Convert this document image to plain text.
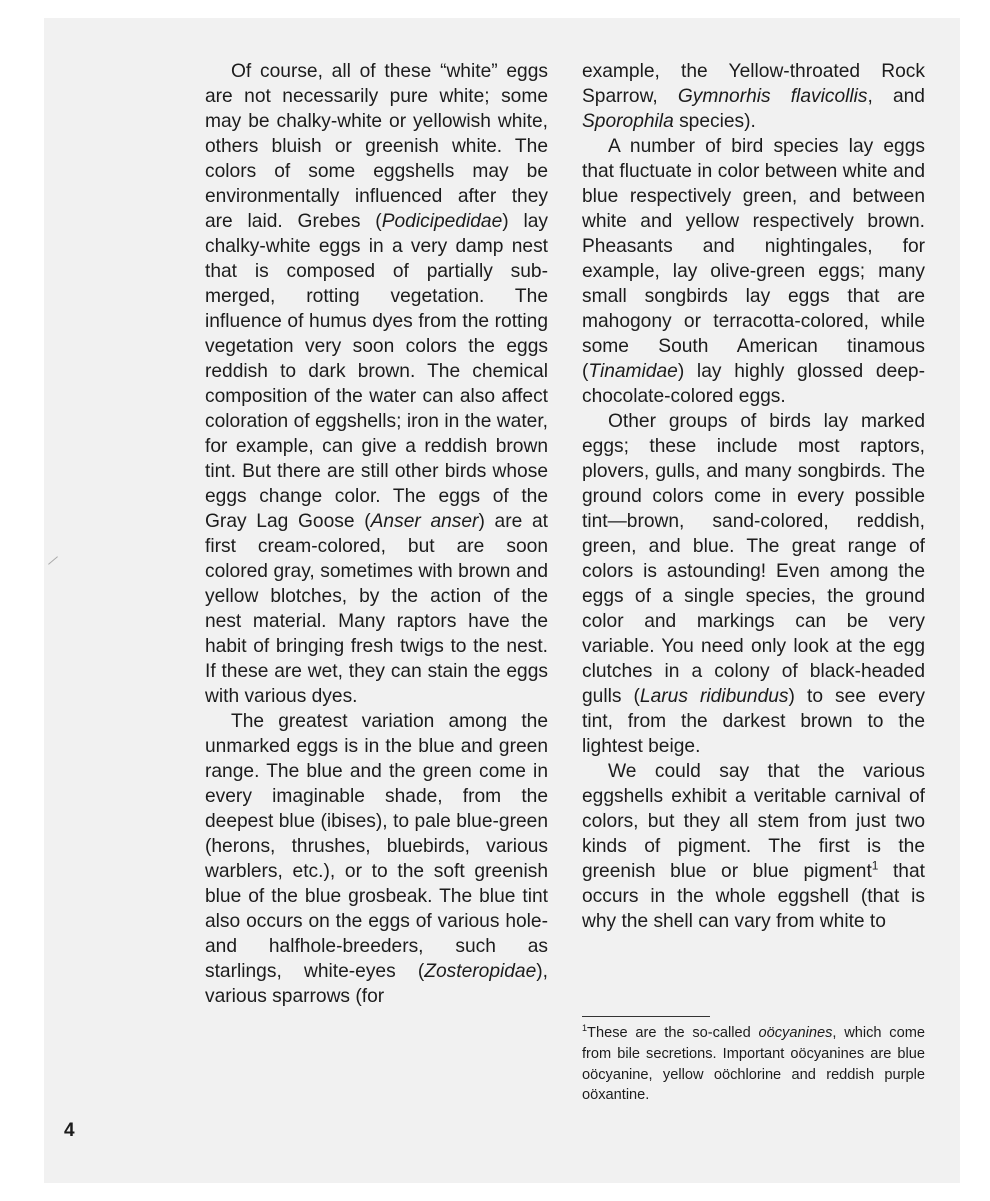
Of course, all of these “white” eggs are not necessarily pure white; some may be chalky-white or yellowish white, others bluish or greenish white. The colors of some eggshells may be environmentally influenced after they are laid. Grebes (Podicipedidae) lay chalky-white eggs in a very damp nest that is composed of partially submerged, rotting vegetation. The influence of humus dyes from the rotting vegetation very soon colors the eggs reddish to dark brown. The chemical composition of the water can also affect coloration of eggshells; iron in the water, for example, can give a reddish brown tint. But there are still other birds whose eggs change color. The eggs of the Gray Lag Goose (Anser anser) are at first cream-colored, but are soon colored gray, sometimes with brown and yellow blotches, by the action of the nest material. Many raptors have the habit of bringing fresh twigs to the nest. If these are wet, they can stain the eggs with various dyes.

The greatest variation among the unmarked eggs is in the blue and green range. The blue and the green come in every imaginable shade, from the deepest blue (ibises), to pale blue-green (herons, thrushes, bluebirds, various warblers, etc.), or to the soft greenish blue of the blue grosbeak. The blue tint also occurs on the eggs of various hole- and halfhole-breeders, such as starlings, white-eyes (Zosteropidae), various sparrows (for

example, the Yellow-throated Rock Sparrow, Gymnorhis flavicollis, and Sporophila species).

A number of bird species lay eggs that fluctuate in color between white and blue respectively green, and between white and yellow respectively brown. Pheasants and nightingales, for example, lay olive-green eggs; many small songbirds lay eggs that are mahogony or terracotta-colored, while some South American tinamous (Tinamidae) lay highly glossed deep-chocolate-colored eggs.

Other groups of birds lay marked eggs; these include most raptors, plovers, gulls, and many songbirds. The ground colors come in every possible tint—brown, sand-colored, reddish, green, and blue. The great range of colors is astounding! Even among the eggs of a single species, the ground color and markings can be very variable. You need only look at the egg clutches in a colony of black-headed gulls (Larus ridibundus) to see every tint, from the darkest brown to the lightest beige.

We could say that the various eggshells exhibit a veritable carnival of colors, but they all stem from just two kinds of pigment. The first is the greenish blue or blue pigment$^1$ that occurs in the whole eggshell (that is why the shell can vary from white to

$^1$These are the so-called oöcyanines, which come from bile secretions. Important oöcyanines are blue oöcyanine, yellow oöchlorine and reddish purple oöxantine.
4
